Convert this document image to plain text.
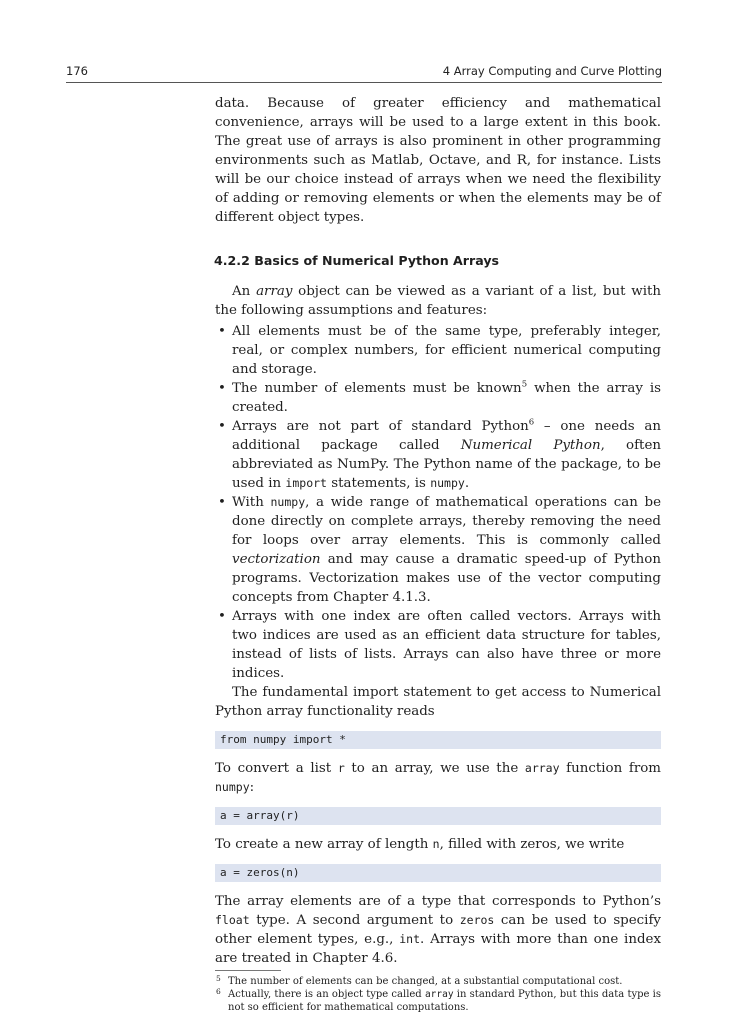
176	4 Array Computing and Curve Plotting

data. Because of greater efficiency and mathematical convenience, arrays will be used to a large extent in this book. The great use of arrays is also prominent in other programming environments such as Matlab, Octave, and R, for instance. Lists will be our choice instead of arrays when we need the flexibility of adding or removing elements or when the elements may be of different object types.

4.2.2 Basics of Numerical Python Arrays

An array object can be viewed as a variant of a list, but with the following assumptions and features:

• All elements must be of the same type, preferably integer, real, or complex numbers, for efficient numerical computing and storage.
• The number of elements must be known$^5$ when the array is created.
• Arrays are not part of standard Python$^6$ – one needs an additional package called Numerical Python, often abbreviated as NumPy. The Python name of the package, to be used in import statements, is numpy.
• With numpy, a wide range of mathematical operations can be done directly on complete arrays, thereby removing the need for loops over array elements. This is commonly called vectorization and may cause a dramatic speed-up of Python programs. Vectorization makes use of the vector computing concepts from Chapter 4.1.3.
• Arrays with one index are often called vectors. Arrays with two indices are used as an efficient data structure for tables, instead of lists of lists. Arrays can also have three or more indices.

The fundamental import statement to get access to Numerical Python array functionality reads

from numpy import *

To convert a list r to an array, we use the array function from numpy:

a = array(r)

To create a new array of length n, filled with zeros, we write

a = zeros(n)

The array elements are of a type that corresponds to Python’s float type. A second argument to zeros can be used to specify other element types, e.g., int. Arrays with more than one index are treated in Chapter 4.6.

5 The number of elements can be changed, at a substantial computational cost.
6 Actually, there is an object type called array in standard Python, but this data type is not so efficient for mathematical computations.
